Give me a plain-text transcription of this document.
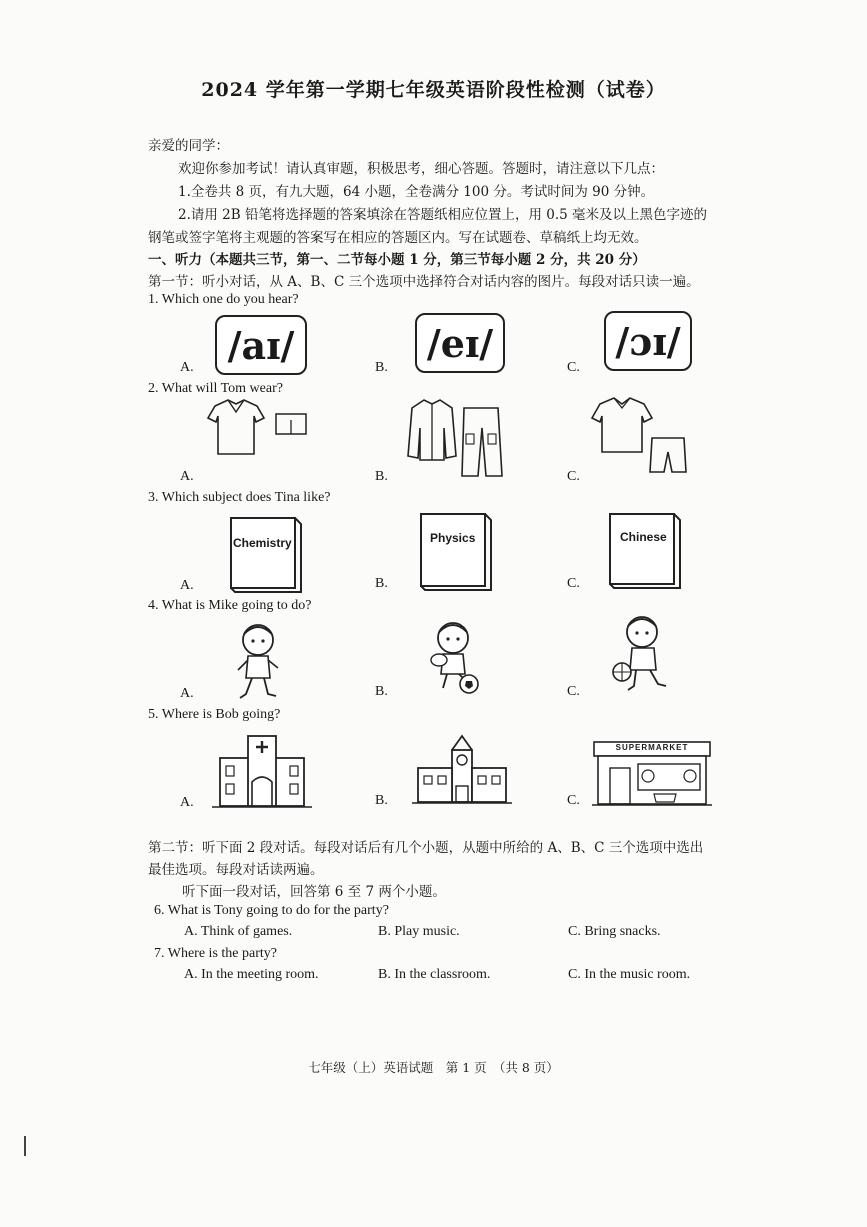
2024 学年第一学期七年级英语阶段性检测（试卷）
亲爱的同学：
欢迎你参加考试！请认真审题，积极思考，细心答题。答题时，请注意以下几点：
1.全卷共 8 页，有九大题，64 小题，全卷满分 100 分。考试时间为 90 分钟。
2.请用 2B 铅笔将选择题的答案填涂在答题纸相应位置上，用 0.5 毫米及以上黑色字迹的
钢笔或签字笔将主观题的答案写在相应的答题区内。写在试题卷、草稿纸上均无效。
一、听力（本题共三节，第一、二节每小题 1 分，第三节每小题 2 分，共 20 分）
第一节：听小对话，从 A、B、C 三个选项中选择符合对话内容的图片。每段对话只读一遍。
1. Which one do you hear?
A. /aɪ/	B.
/eɪ/
C.
/ɔɪ/
2. What will Tom wear?
A.	B.	C.
3. Which subject does Tina like?
A.
Chemistry
B.
Physics
C.
Chinese
4. What is Mike going to do?
A.	B.	C.
5. Where is Bob going?
A.	B.	C.
SUPERMARKET
第二节：听下面 2 段对话。每段对话后有几个小题，从题中所给的 A、B、C 三个选项中选出
最佳选项。每段对话读两遍。
听下面一段对话，回答第 6 至 7 两个小题。
6. What is Tony going to do for the party?
A. Think of games.	B. Play music.	C. Bring snacks.
7. Where is the party?
A. In the meeting room.	B. In the classroom.	C. In the music room.
七年级（上）英语试题　第 1 页　（共 8 页）
